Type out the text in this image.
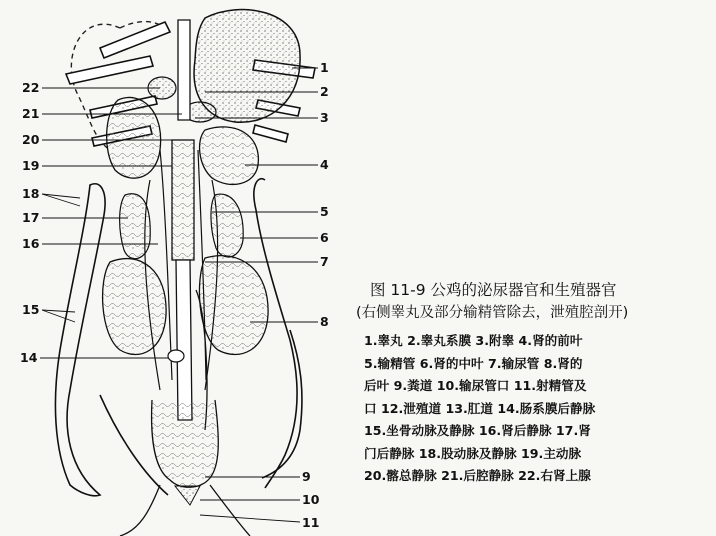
1
2
3
4
5
6
7
8
9
10
11
22
21
20
19
18
17
16
15
14
图 11-9 公鸡的泌尿器官和生殖器官
(右侧睾丸及部分输精管除去，泄殖腔剖开)
1.睾丸 2.睾丸系膜 3.附睾 4.肾的前叶
5.输精管 6.肾的中叶 7.输尿管 8.肾的
后叶 9.粪道 10.输尿管口 11.射精管及
口 12.泄殖道 13.肛道 14.肠系膜后静脉
15.坐骨动脉及静脉 16.肾后静脉 17.肾
门后静脉 18.股动脉及静脉 19.主动脉
20.髂总静脉 21.后腔静脉 22.右肾上腺
